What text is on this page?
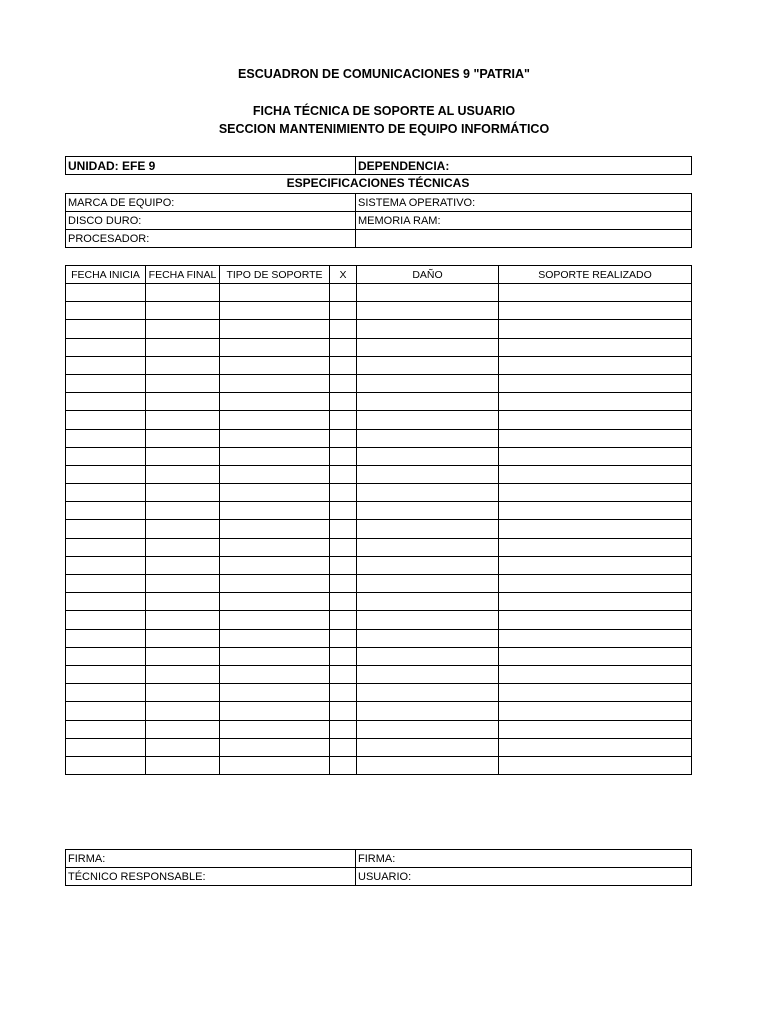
ESCUADRON DE COMUNICACIONES 9 "PATRIA"
FICHA TÉCNICA DE SOPORTE AL USUARIO
SECCION MANTENIMIENTO DE EQUIPO INFORMÁTICO
UNIDAD: EFE 9	DEPENDENCIA:
ESPECIFICACIONES TÉCNICAS
MARCA DE EQUIPO:	SISTEMA OPERATIVO:
DISCO DURO:	MEMORIA RAM:
PROCESADOR:	
FECHA INICIA	FECHA FINAL	TIPO DE SOPORTE	X	DAÑO	SOPORTE REALIZADO

FIRMA:	FIRMA:
TÉCNICO RESPONSABLE:	USUARIO:
